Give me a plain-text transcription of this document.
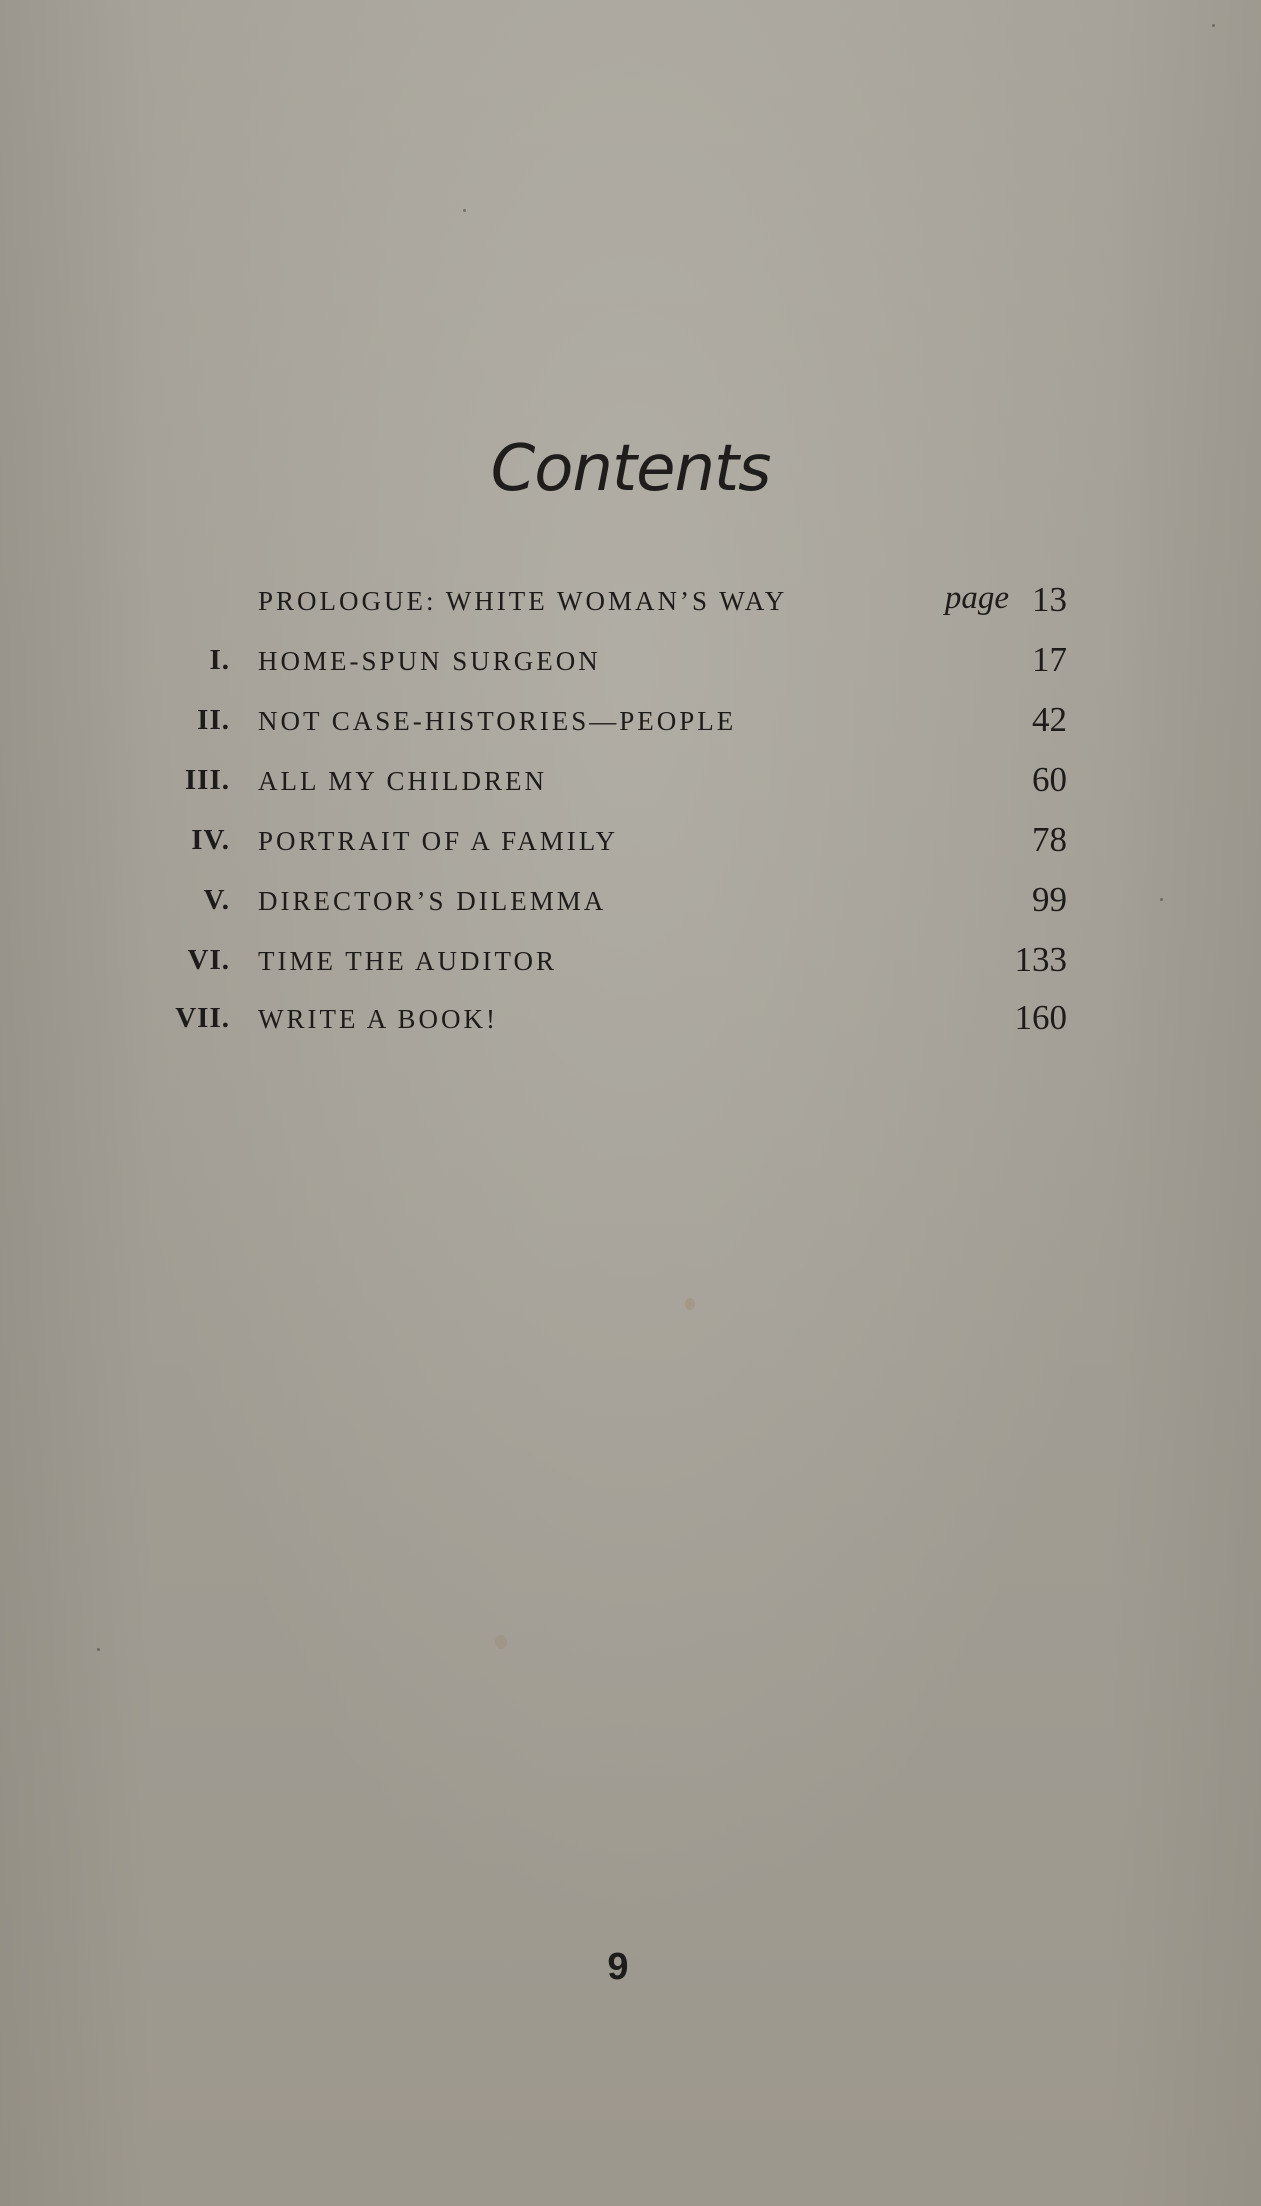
Contents
PROLOGUE: WHITE WOMAN’S WAY	page 13
I. HOME-SPUN SURGEON	17
II. NOT CASE-HISTORIES—PEOPLE	42
III. ALL MY CHILDREN	60
IV. PORTRAIT OF A FAMILY	78
V. DIRECTOR’S DILEMMA	99
VI. TIME THE AUDITOR	133
VII. WRITE A BOOK!	160
9
